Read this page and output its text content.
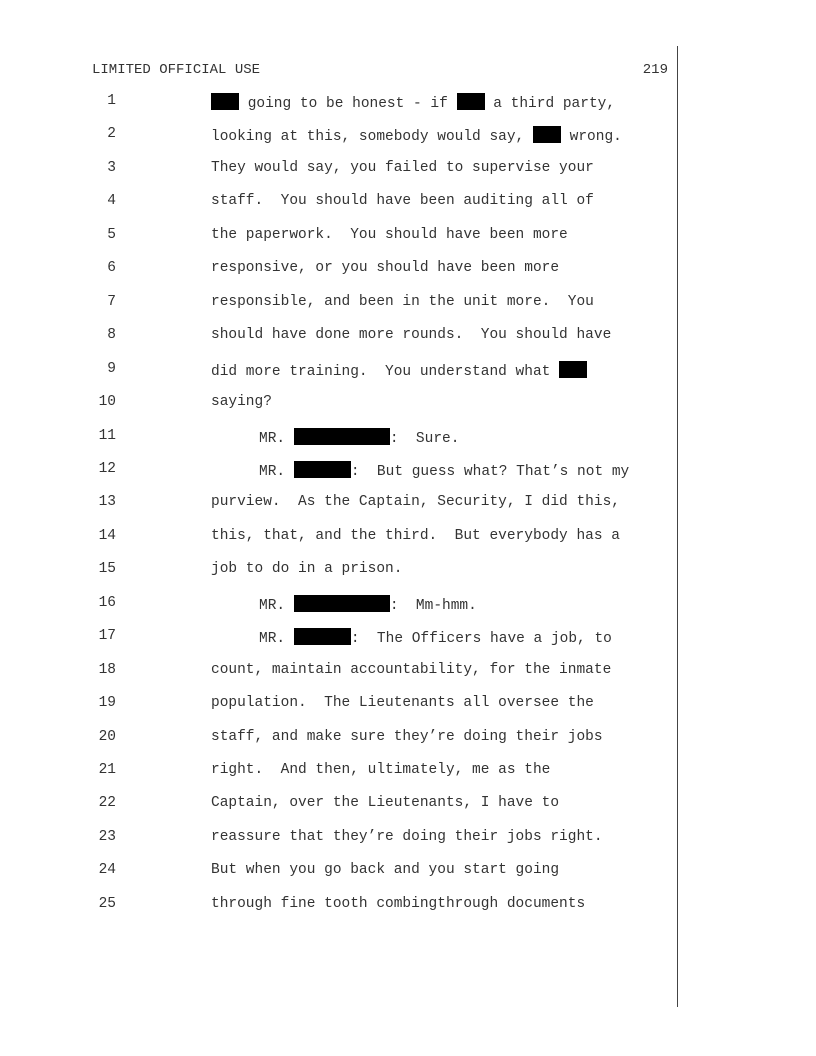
LIMITED OFFICIAL USE	219
1	going to be honest - if  a third party,
2	looking at this, somebody would say,  wrong.
3	They would say, you failed to supervise your
4	staff.  You should have been auditing all of
5	the paperwork.  You should have been more
6	responsive, or you should have been more
7	responsible, and been in the unit more.  You
8	should have done more rounds.  You should have
9	did more training.  You understand what
10	saying?
11	MR.	:  Sure.
12	MR.	:  But guess what? That’s not my
13	purview.  As the Captain, Security, I did this,
14	this, that, and the third.  But everybody has a
15	job to do in a prison.
16	MR.	:  Mm-hmm.
17	MR.	:  The Officers have a job, to
18	count, maintain accountability, for the inmate
19	population.  The Lieutenants all oversee the
20	staff, and make sure they’re doing their jobs
21	right.  And then, ultimately, me as the
22	Captain, over the Lieutenants, I have to
23	reassure that they’re doing their jobs right.
24	But when you go back and you start going
25	through fine tooth combingthrough documents
